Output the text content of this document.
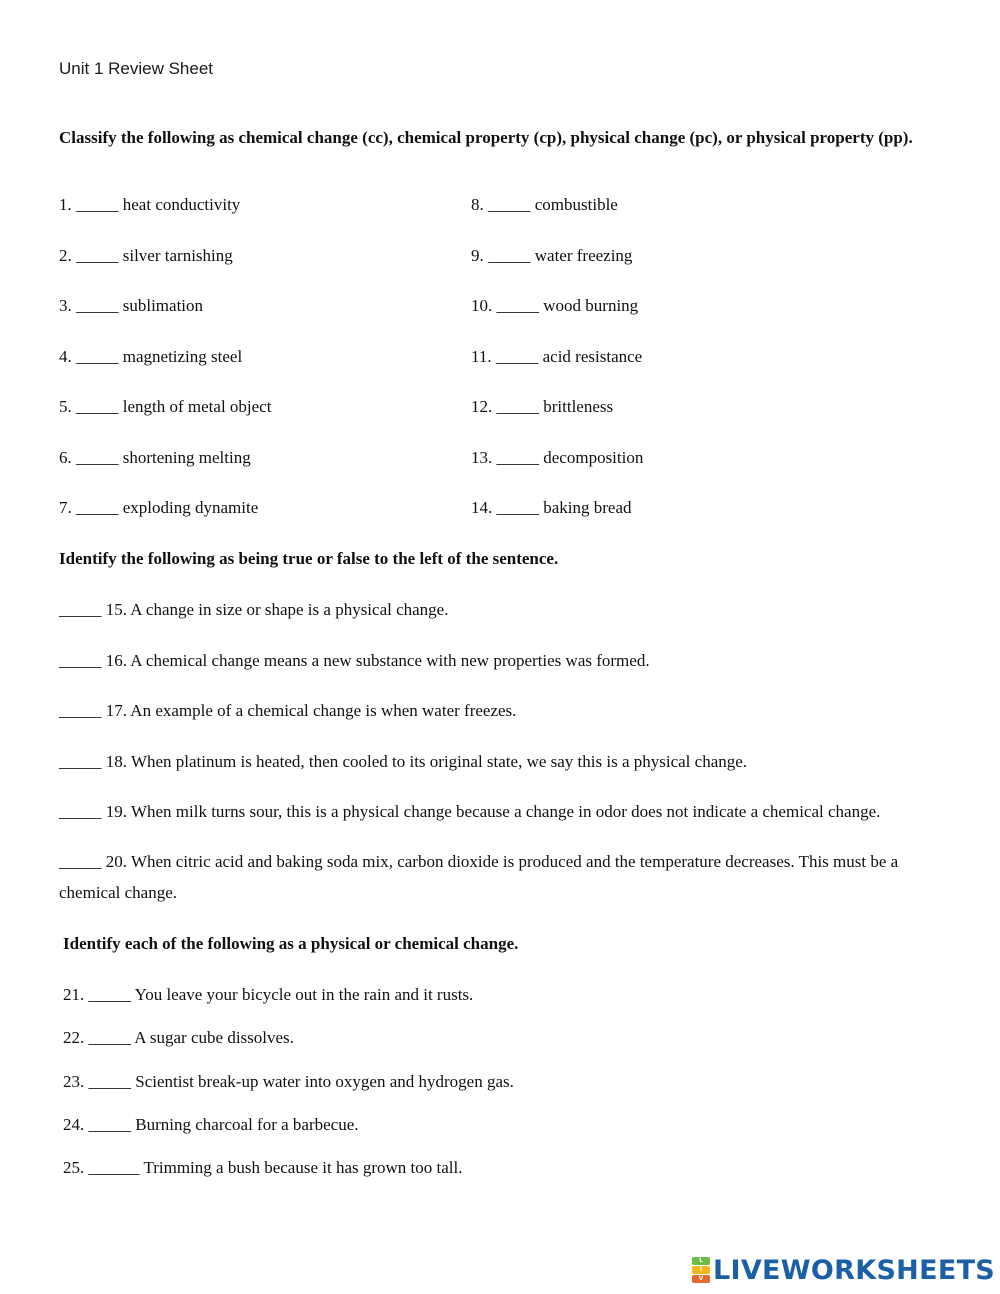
Unit 1 Review Sheet
Classify the following as chemical change (cc), chemical property (cp), physical change (pc), or physical property (pp).
1. _____ heat conductivity
2. _____ silver tarnishing
3. _____ sublimation
4. _____ magnetizing steel
5. _____ length of metal object
6. _____ shortening melting
7. _____ exploding dynamite
8. _____ combustible
9. _____ water freezing
10. _____ wood burning
11. _____ acid resistance
12. _____ brittleness
13. _____ decomposition
14. _____ baking bread
Identify the following as being true or false to the left of the sentence.
_____ 15. A change in size or shape is a physical change.
_____ 16. A chemical change means a new substance with new properties was formed.
_____ 17. An example of a chemical change is when water freezes.
_____ 18. When platinum is heated, then cooled to its original state, we say this is a physical change.
_____ 19. When milk turns sour, this is a physical change because a change in odor does not indicate a chemical change.
_____ 20. When citric acid and baking soda mix, carbon dioxide is produced and the temperature decreases. This must be a chemical change.
Identify each of the following as a physical or chemical change.
21. _____ You leave your bicycle out in the rain and it rusts.
22. _____ A sugar cube dissolves.
23. _____ Scientist break-up water into oxygen and hydrogen gas.
24. _____ Burning charcoal for a barbecue.
25. ______ Trimming a bush because it has grown too tall.
L
I
V LIVEWORKSHEETS
